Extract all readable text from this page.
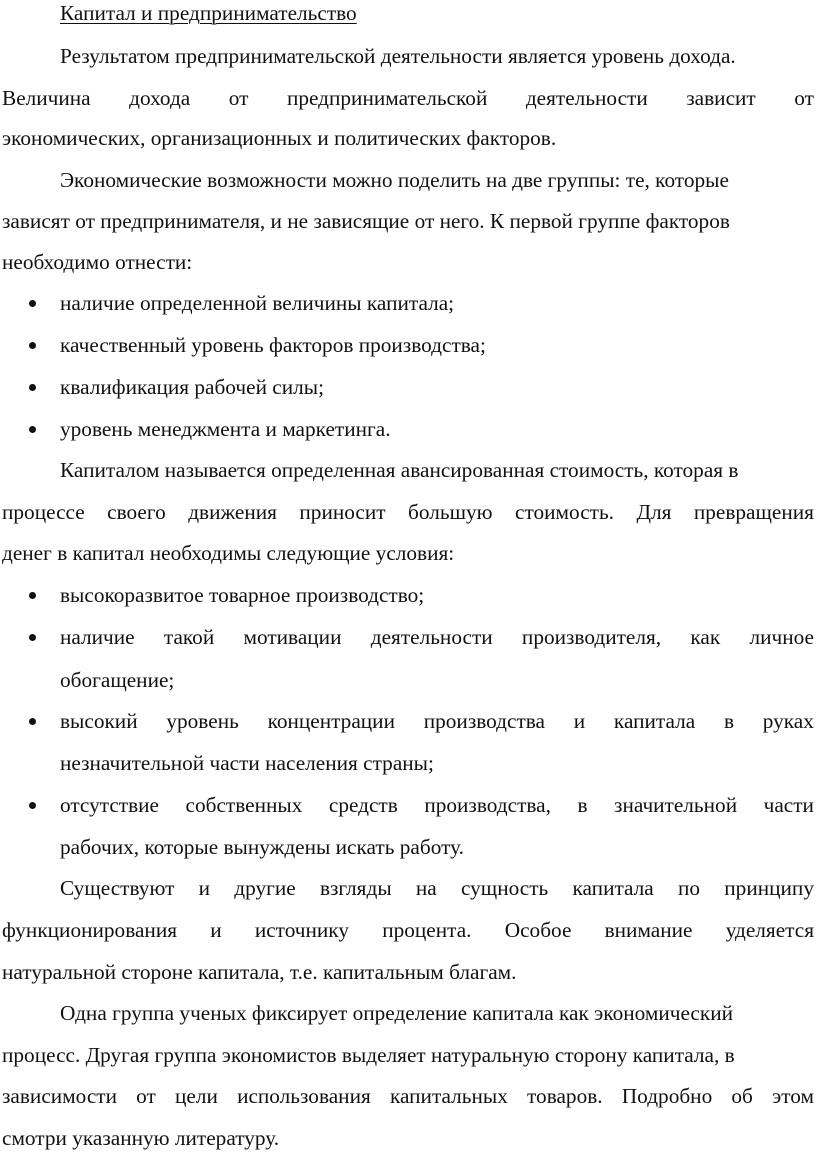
Капитал и предпринимательство
Результатом предпринимательской деятельности является уровень дохода.
Величина дохода от предпринимательской деятельности зависит от
экономических, организационных и политических факторов.
Экономические возможности можно поделить на две группы: те, которые
зависят от предпринимателя, и не зависящие от него. К первой группе факторов
необходимо отнести:
наличие определенной величины капитала;
качественный уровень факторов производства;
квалификация рабочей силы;
уровень менеджмента и маркетинга.
Капиталом называется определенная авансированная стоимость, которая в
процессе своего движения приносит большую стоимость. Для превращения
денег в капитал необходимы следующие условия:
высокоразвитое товарное производство;
наличие такой мотивации деятельности производителя, как личное
обогащение;
высокий уровень концентрации производства и капитала в руках
незначительной части населения страны;
отсутствие собственных средств производства, в значительной части
рабочих, которые вынуждены искать работу.
Существуют и другие взгляды на сущность капитала по принципу
функционирования и источнику процента. Особое внимание уделяется
натуральной стороне капитала, т.е. капитальным благам.
Одна группа ученых фиксирует определение капитала как экономический
процесс. Другая группа экономистов выделяет натуральную сторону капитала, в
зависимости от цели использования капитальных товаров. Подробно об этом
смотри указанную литературу.
